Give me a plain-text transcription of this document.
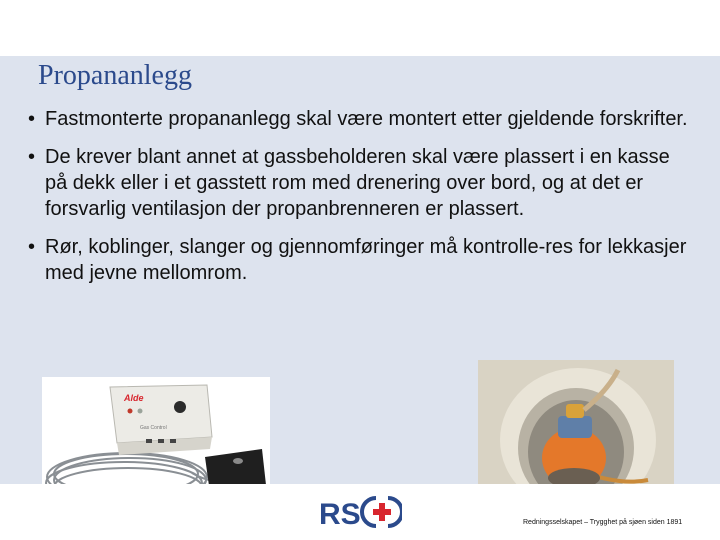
Propananlegg
• Fastmonterte propananlegg skal være montert etter gjeldende forskrifter.
• De krever blant annet at gassbeholderen skal være plassert i en kasse på dekk eller i et gasstett rom med drenering over bord, og at det er forsvarlig ventilasjon der propanbrenneren er plassert.
• Rør, koblinger, slanger og gjennomføringer må kontrolle-res for lekkasjer med jevne mellomrom.
Alde
Gas Control
RS	Redningsselskapet – Trygghet på sjøen siden 1891
